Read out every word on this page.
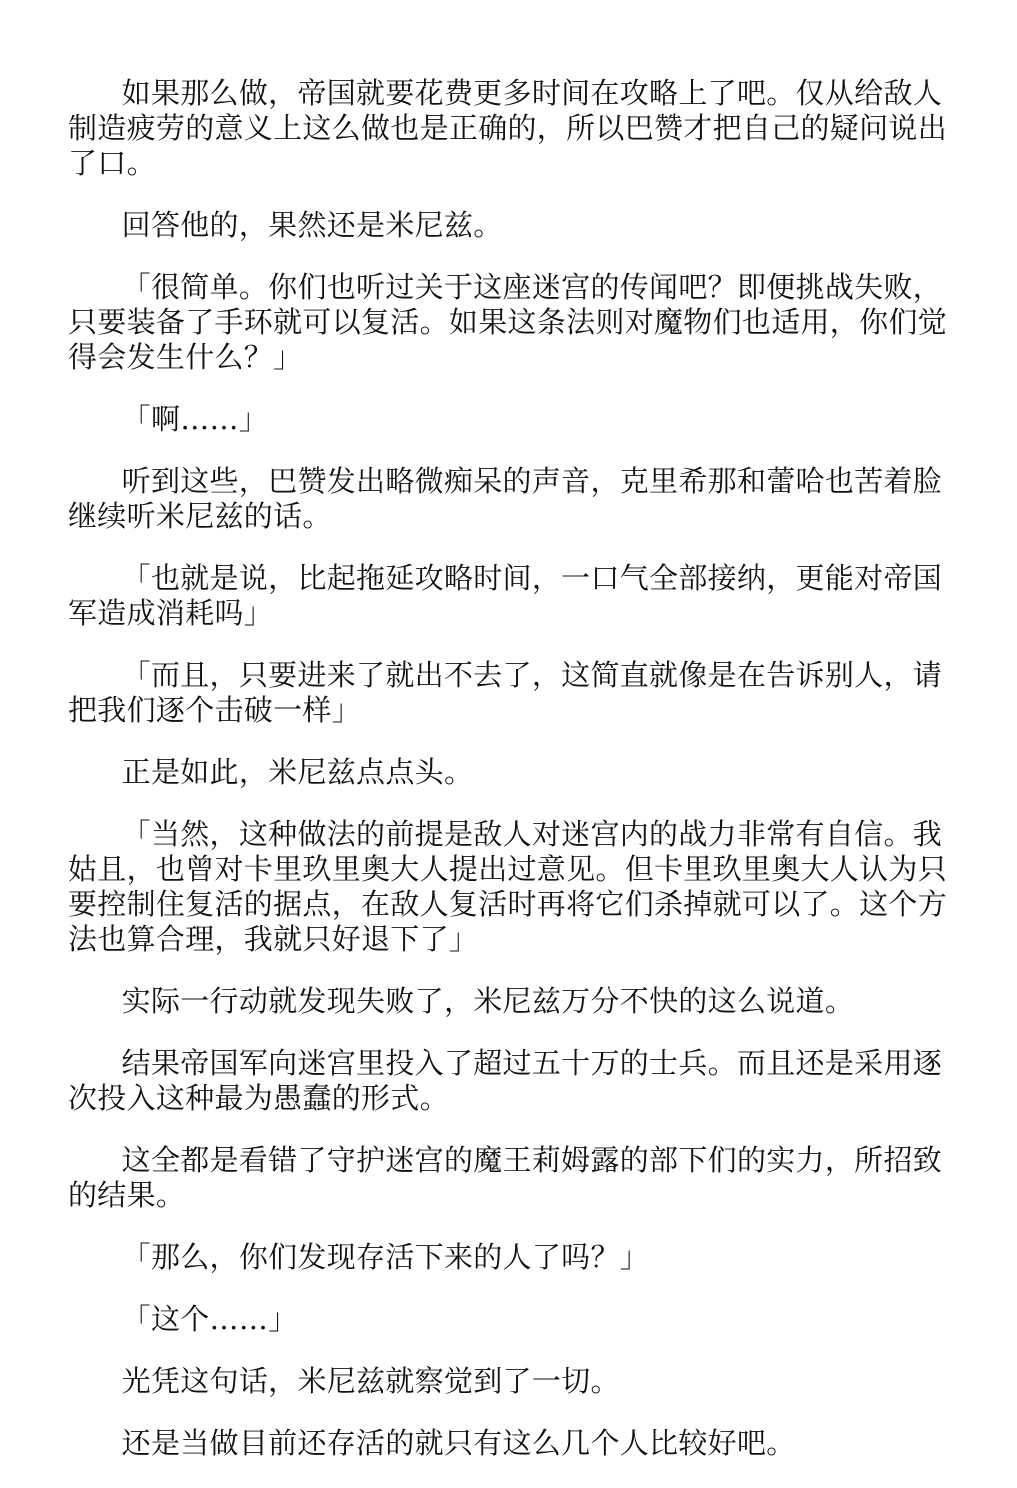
如果那么做，帝国就要花费更多时间在攻略上了吧。仅从给敌人制造疲劳的意义上这么做也是正确的，所以巴赞才把自己的疑问说出了口。

回答他的，果然还是米尼兹。

「很简单。你们也听过关于这座迷宫的传闻吧？即便挑战失败，只要装备了手环就可以复活。如果这条法则对魔物们也适用，你们觉得会发生什么？」

「啊……」

听到这些，巴赞发出略微痴呆的声音，克里希那和蕾哈也苦着脸继续听米尼兹的话。

「也就是说，比起拖延攻略时间，一口气全部接纳，更能对帝国军造成消耗吗」

「而且，只要进来了就出不去了，这简直就像是在告诉别人，请把我们逐个击破一样」

正是如此，米尼兹点点头。

「当然，这种做法的前提是敌人对迷宫内的战力非常有自信。我姑且，也曾对卡里玖里奥大人提出过意见。但卡里玖里奥大人认为只要控制住复活的据点，在敌人复活时再将它们杀掉就可以了。这个方法也算合理，我就只好退下了」

实际一行动就发现失败了，米尼兹万分不快的这么说道。

结果帝国军向迷宫里投入了超过五十万的士兵。而且还是采用逐次投入这种最为愚蠢的形式。

这全都是看错了守护迷宫的魔王莉姆露的部下们的实力，所招致的结果。

「那么，你们发现存活下来的人了吗？」

「这个……」

光凭这句话，米尼兹就察觉到了一切。

还是当做目前还存活的就只有这么几个人比较好吧。
